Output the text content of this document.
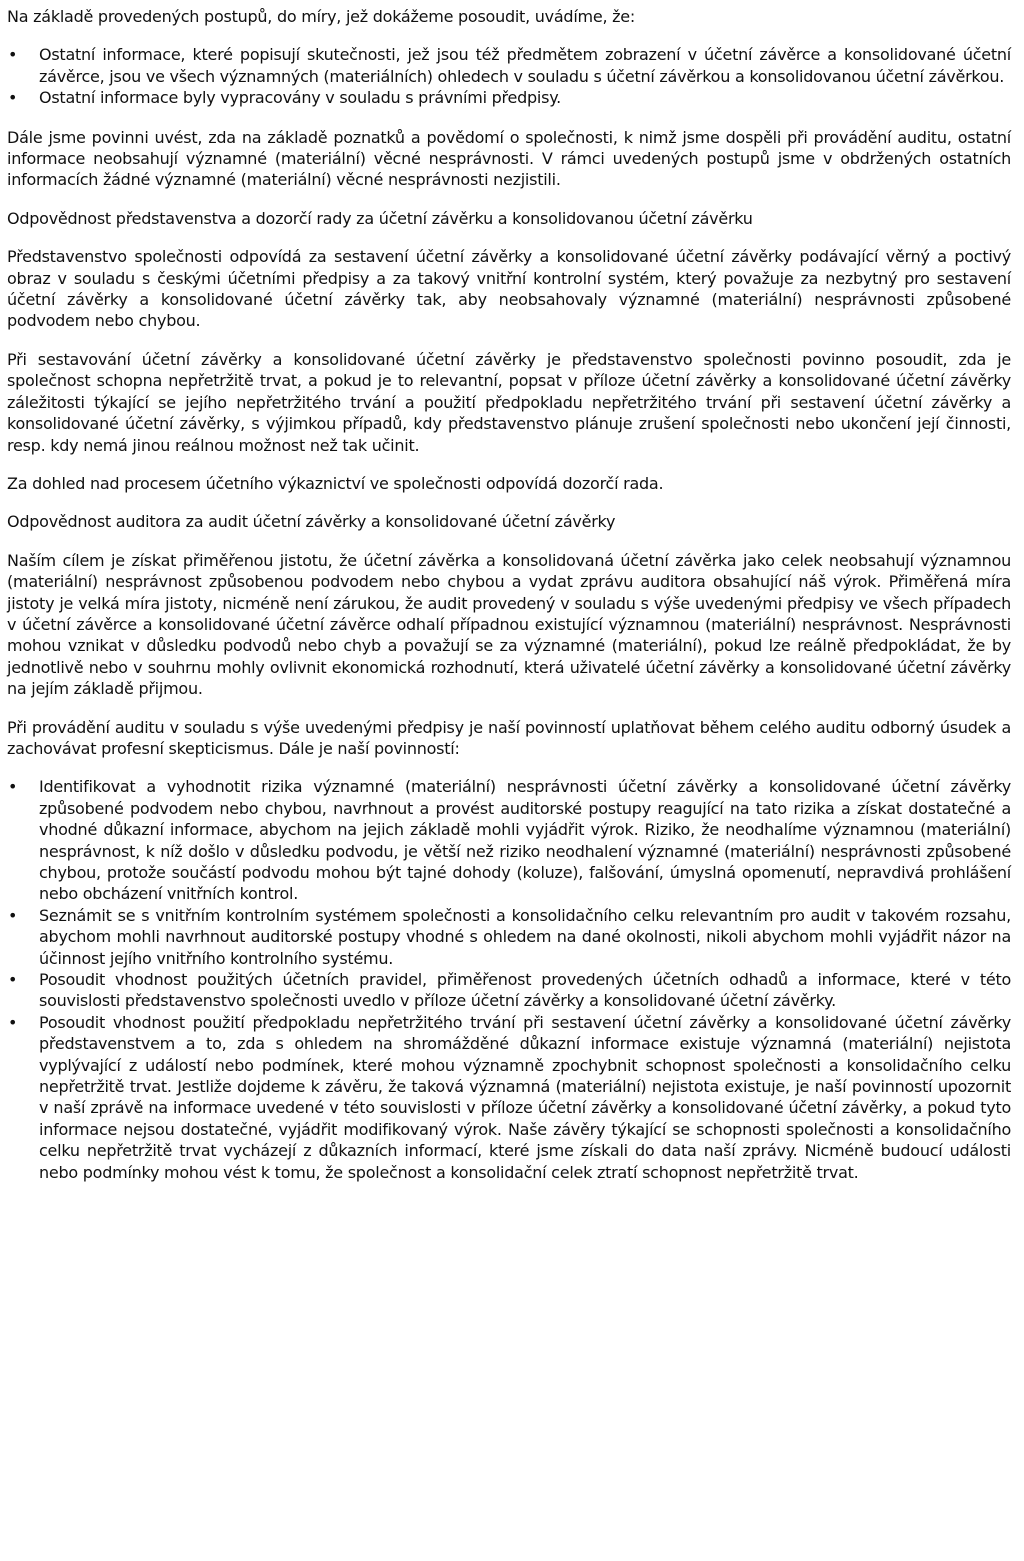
Na základě provedených postupů, do míry, jež dokážeme posoudit, uvádíme, že:

• Ostatní informace, které popisují skutečnosti, jež jsou též předmětem zobrazení v účetní závěrce a konsolidované účetní závěrce, jsou ve všech významných (materiálních) ohledech v souladu s účetní závěrkou a konsolidovanou účetní závěrkou.
• Ostatní informace byly vypracovány v souladu s právními předpisy.

Dále jsme povinni uvést, zda na základě poznatků a povědomí o společnosti, k nimž jsme dospěli při provádění auditu, ostatní informace neobsahují významné (materiální) věcné nesprávnosti. V rámci uvedených postupů jsme v obdržených ostatních informacích žádné významné (materiální) věcné nesprávnosti nezjistili.

Odpovědnost představenstva a dozorčí rady za účetní závěrku a konsolidovanou účetní závěrku

Představenstvo společnosti odpovídá za sestavení účetní závěrky a konsolidované účetní závěrky podávající věrný a poctivý obraz v souladu s českými účetními předpisy a za takový vnitřní kontrolní systém, který považuje za nezbytný pro sestavení účetní závěrky a konsolidované účetní závěrky tak, aby neobsahovaly významné (materiální) nesprávnosti způsobené podvodem nebo chybou.

Při sestavování účetní závěrky a konsolidované účetní závěrky je představenstvo společnosti povinno posoudit, zda je společnost schopna nepřetržitě trvat, a pokud je to relevantní, popsat v příloze účetní závěrky a konsolidované účetní závěrky záležitosti týkající se jejího nepřetržitého trvání a použití předpokladu nepřetržitého trvání při sestavení účetní závěrky a konsolidované účetní závěrky, s výjimkou případů, kdy představenstvo plánuje zrušení společnosti nebo ukončení její činnosti, resp. kdy nemá jinou reálnou možnost než tak učinit.

Za dohled nad procesem účetního výkaznictví ve společnosti odpovídá dozorčí rada.

Odpovědnost auditora za audit účetní závěrky a konsolidované účetní závěrky

Naším cílem je získat přiměřenou jistotu, že účetní závěrka a konsolidovaná účetní závěrka jako celek neobsahují významnou (materiální) nesprávnost způsobenou podvodem nebo chybou a vydat zprávu auditora obsahující náš výrok. Přiměřená míra jistoty je velká míra jistoty, nicméně není zárukou, že audit provedený v souladu s výše uvedenými předpisy ve všech případech v účetní závěrce a konsolidované účetní závěrce odhalí případnou existující významnou (materiální) nesprávnost. Nesprávnosti mohou vznikat v důsledku podvodů nebo chyb a považují se za významné (materiální), pokud lze reálně předpokládat, že by jednotlivě nebo v souhrnu mohly ovlivnit ekonomická rozhodnutí, která uživatelé účetní závěrky a konsolidované účetní závěrky na jejím základě přijmou.

Při provádění auditu v souladu s výše uvedenými předpisy je naší povinností uplatňovat během celého auditu odborný úsudek a zachovávat profesní skepticismus. Dále je naší povinností:

• Identifikovat a vyhodnotit rizika významné (materiální) nesprávnosti účetní závěrky a konsolidované účetní závěrky způsobené podvodem nebo chybou, navrhnout a provést auditorské postupy reagující na tato rizika a získat dostatečné a vhodné důkazní informace, abychom na jejich základě mohli vyjádřit výrok. Riziko, že neodhalíme významnou (materiální) nesprávnost, k níž došlo v důsledku podvodu, je větší než riziko neodhalení významné (materiální) nesprávnosti způsobené chybou, protože součástí podvodu mohou být tajné dohody (koluze), falšování, úmyslná opomenutí, nepravdivá prohlášení nebo obcházení vnitřních kontrol.
• Seznámit se s vnitřním kontrolním systémem společnosti a konsolidačního celku relevantním pro audit v takovém rozsahu, abychom mohli navrhnout auditorské postupy vhodné s ohledem na dané okolnosti, nikoli abychom mohli vyjádřit názor na účinnost jejího vnitřního kontrolního systému.
• Posoudit vhodnost použitých účetních pravidel, přiměřenost provedených účetních odhadů a informace, které v této souvislosti představenstvo společnosti uvedlo v příloze účetní závěrky a konsolidované účetní závěrky.
• Posoudit vhodnost použití předpokladu nepřetržitého trvání při sestavení účetní závěrky a konsolidované účetní závěrky představenstvem a to, zda s ohledem na shromážděné důkazní informace existuje významná (materiální) nejistota vyplývající z událostí nebo podmínek, které mohou významně zpochybnit schopnost společnosti a konsolidačního celku nepřetržitě trvat. Jestliže dojdeme k závěru, že taková významná (materiální) nejistota existuje, je naší povinností upozornit v naší zprávě na informace uvedené v této souvislosti v příloze účetní závěrky a konsolidované účetní závěrky, a pokud tyto informace nejsou dostatečné, vyjádřit modifikovaný výrok. Naše závěry týkající se schopnosti společnosti a konsolidačního celku nepřetržitě trvat vycházejí z důkazních informací, které jsme získali do data naší zprávy. Nicméně budoucí události nebo podmínky mohou vést k tomu, že společnost a konsolidační celek ztratí schopnost nepřetržitě trvat.
